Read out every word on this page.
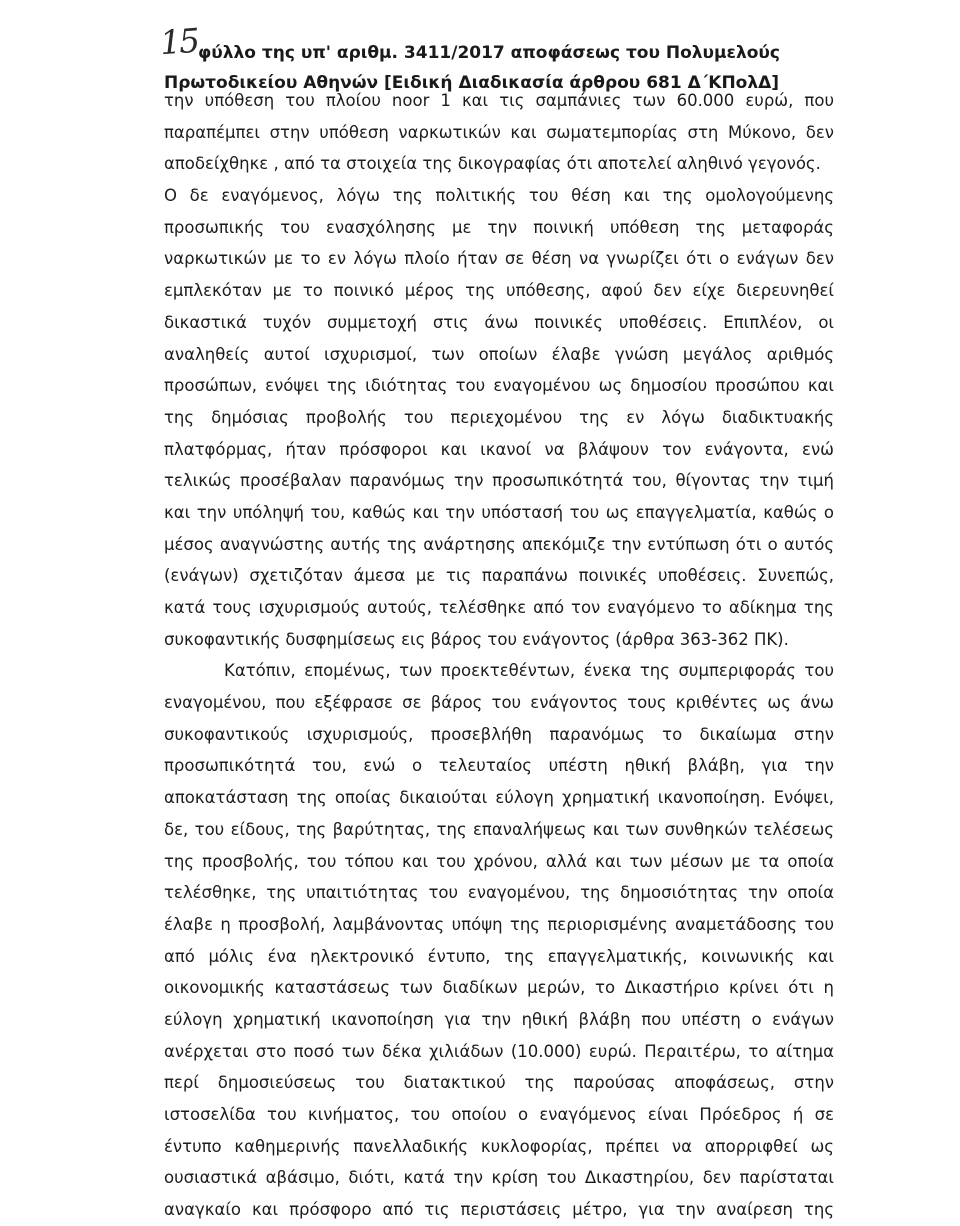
15
φύλλο της υπ' αριθμ. 3411/2017 αποφάσεως του Πολυμελούς
Πρωτοδικείου Αθηνών [Ειδική Διαδικασία άρθρου 681 Δ΄ΚΠολΔ]
την υπόθεση του πλοίου noor 1 και τις σαμπάνιες των 60.000 ευρώ, που
παραπέμπει στην υπόθεση ναρκωτικών και σωματεμπορίας στη Μύκονο, δεν
αποδείχθηκε , από τα στοιχεία της δικογραφίας ότι αποτελεί αληθινό γεγονός.
Ο δε εναγόμενος, λόγω της πολιτικής του θέση και της ομολογούμενης
προσωπικής του ενασχόλησης με την ποινική υπόθεση της μεταφοράς
ναρκωτικών με το εν λόγω πλοίο ήταν σε θέση να γνωρίζει ότι ο ενάγων δεν
εμπλεκόταν με το ποινικό μέρος της υπόθεσης, αφού δεν είχε διερευνηθεί
δικαστικά τυχόν συμμετοχή στις άνω ποινικές υποθέσεις. Επιπλέον, οι
αναληθείς αυτοί ισχυρισμοί, των οποίων έλαβε γνώση μεγάλος αριθμός
προσώπων, ενόψει της ιδιότητας του εναγομένου ως δημοσίου προσώπου και
της δημόσιας προβολής του περιεχομένου της εν λόγω διαδικτυακής
πλατφόρμας, ήταν πρόσφοροι και ικανοί να βλάψουν τον ενάγοντα, ενώ
τελικώς προσέβαλαν παρανόμως την προσωπικότητά του, θίγοντας την τιμή
και την υπόληψή του, καθώς και την υπόστασή του ως επαγγελματία, καθώς ο
μέσος αναγνώστης αυτής της ανάρτησης απεκόμιζε την εντύπωση ότι ο αυτός
(ενάγων) σχετιζόταν άμεσα με τις παραπάνω ποινικές υποθέσεις. Συνεπώς,
κατά τους ισχυρισμούς αυτούς, τελέσθηκε από τον εναγόμενο το αδίκημα της
συκοφαντικής δυσφημίσεως εις βάρος του ενάγοντος (άρθρα 363-362 ΠΚ).
Κατόπιν, επομένως, των προεκτεθέντων, ένεκα της συμπεριφοράς του
εναγομένου, που εξέφρασε σε βάρος του ενάγοντος τους κριθέντες ως άνω
συκοφαντικούς ισχυρισμούς, προσεβλήθη παρανόμως το δικαίωμα στην
προσωπικότητά του, ενώ ο τελευταίος υπέστη ηθική βλάβη, για την
αποκατάσταση της οποίας δικαιούται εύλογη χρηματική ικανοποίηση. Ενόψει,
δε, του είδους, της βαρύτητας, της επαναλήψεως και των συνθηκών τελέσεως
της προσβολής, του τόπου και του χρόνου, αλλά και των μέσων με τα οποία
τελέσθηκε, της υπαιτιότητας του εναγομένου, της δημοσιότητας την οποία
έλαβε η προσβολή, λαμβάνοντας υπόψη της περιορισμένης αναμετάδοσης του
από μόλις ένα ηλεκτρονικό έντυπο, της επαγγελματικής, κοινωνικής και
οικονομικής καταστάσεως των διαδίκων μερών, το Δικαστήριο κρίνει ότι η
εύλογη χρηματική ικανοποίηση για την ηθική βλάβη που υπέστη ο ενάγων
ανέρχεται στο ποσό των δέκα χιλιάδων (10.000) ευρώ. Περαιτέρω, το αίτημα
περί δημοσιεύσεως του διατακτικού της παρούσας αποφάσεως, στην
ιστοσελίδα του κινήματος, του οποίου ο εναγόμενος είναι Πρόεδρος ή σε
έντυπο καθημερινής πανελλαδικής κυκλοφορίας, πρέπει να απορριφθεί ως
ουσιαστικά αβάσιμο, διότι, κατά την κρίση του Δικαστηρίου, δεν παρίσταται
αναγκαίο και πρόσφορο από τις περιστάσεις μέτρο, για την αναίρεση της
